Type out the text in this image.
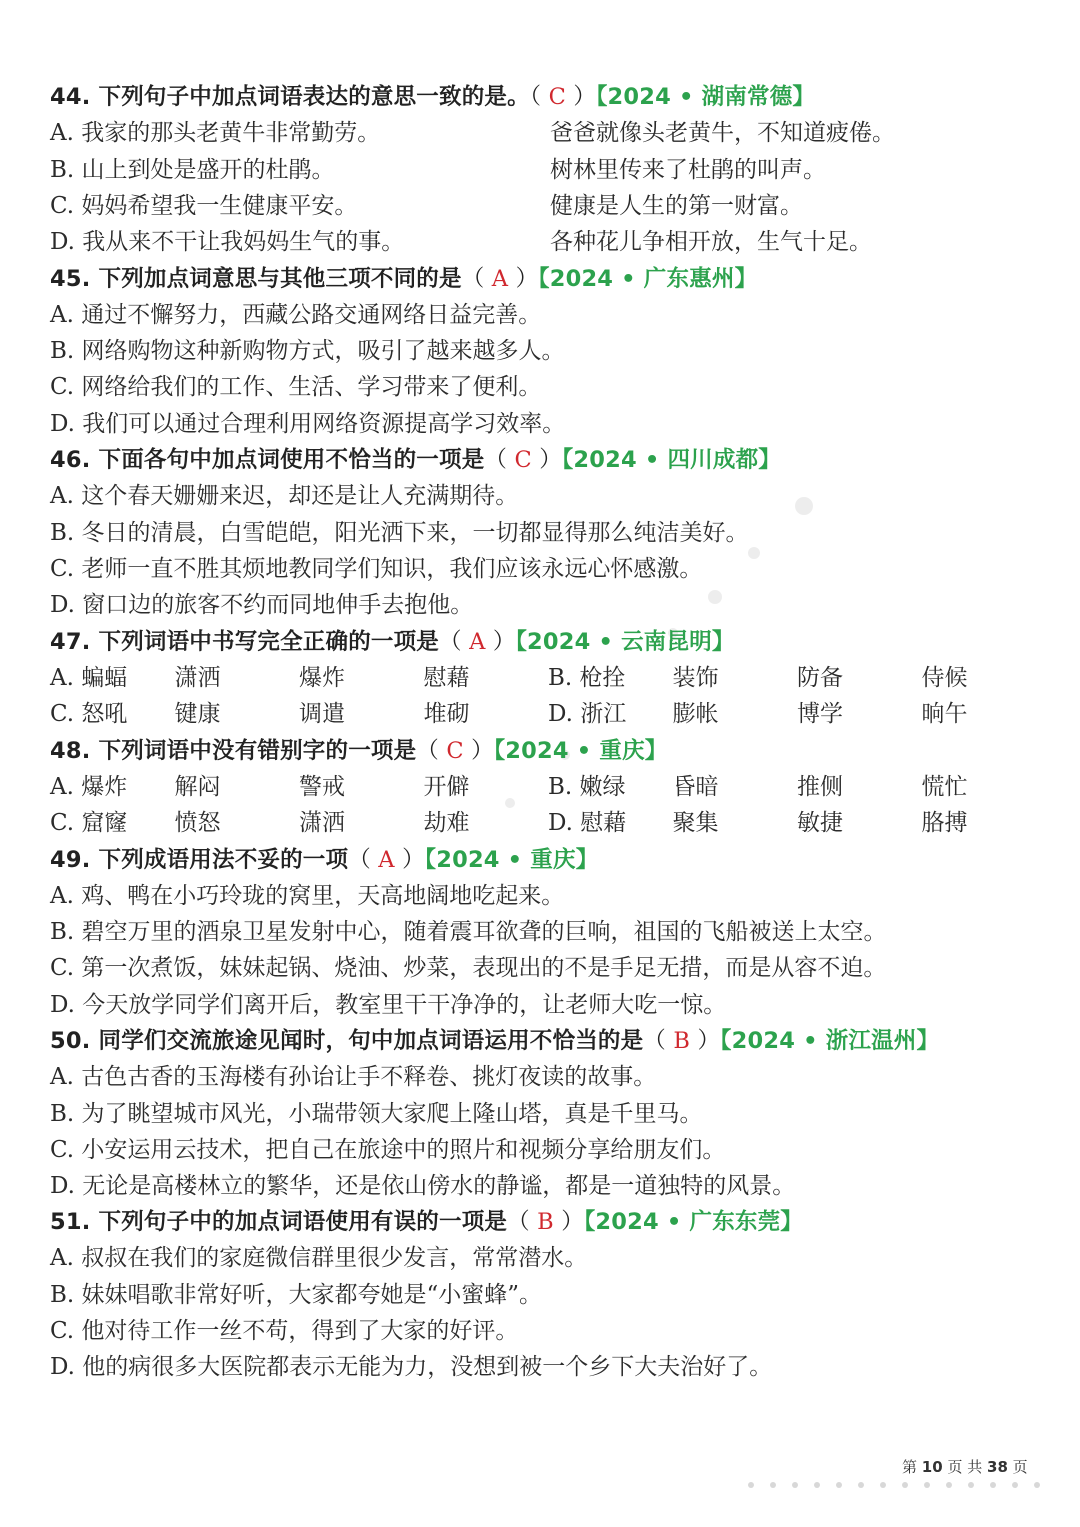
44. 下列句子中加点词语表达的意思一致的是。（ C ）【2024 • 湖南常德】
A. 我家的那头老黄牛非常勤劳。	爸爸就像头老黄牛，不知道疲倦。
B. 山上到处是盛开的杜鹃。	树林里传来了杜鹃的叫声。
C. 妈妈希望我一生健康平安。	健康是人生的第一财富。
D. 我从来不干让我妈妈生气的事。	各种花儿争相开放，生气十足。
45. 下列加点词意思与其他三项不同的是（ A ）【2024 • 广东惠州】
A. 通过不懈努力，西藏公路交通网络日益完善。
B. 网络购物这种新购物方式，吸引了越来越多人。
C. 网络给我们的工作、生活、学习带来了便利。
D. 我们可以通过合理利用网络资源提高学习效率。
46. 下面各句中加点词使用不恰当的一项是（ C ）【2024 • 四川成都】
A. 这个春天姗姗来迟，却还是让人充满期待。
B. 冬日的清晨，白雪皑皑，阳光洒下来，一切都显得那么纯洁美好。
C. 老师一直不胜其烦地教同学们知识，我们应该永远心怀感激。
D. 窗口边的旅客不约而同地伸手去抱他。
47. 下列词语中书写完全正确的一项是（ A ）【2024 • 云南昆明】
A. 蝙蝠	潇洒	爆炸	慰藉	B. 枪拴	装饰	防备	侍候
C. 怒吼	键康	调遣	堆砌	D. 浙江	膨帐	博学	晌午
48. 下列词语中没有错别字的一项是（ C ）【2024 • 重庆】
A. 爆炸	解闷	警戒	开僻	B. 嫩绿	昏暗	推侧	慌忙
C. 窟窿	愤怒	潇洒	劫难	D. 慰藉	聚集	敏捷	胳搏
49. 下列成语用法不妥的一项（ A ）【2024 • 重庆】
A. 鸡、鸭在小巧玲珑的窝里，天高地阔地吃起来。
B. 碧空万里的酒泉卫星发射中心，随着震耳欲聋的巨响，祖国的飞船被送上太空。
C. 第一次煮饭，妹妹起锅、烧油、炒菜，表现出的不是手足无措，而是从容不迫。
D. 今天放学同学们离开后，教室里干干净净的，让老师大吃一惊。
50. 同学们交流旅途见闻时，句中加点词语运用不恰当的是（ B ）【2024 • 浙江温州】
A. 古色古香的玉海楼有孙诒让手不释卷、挑灯夜读的故事。
B. 为了眺望城市风光，小瑞带领大家爬上隆山塔，真是千里马。
C. 小安运用云技术，把自己在旅途中的照片和视频分享给朋友们。
D. 无论是高楼林立的繁华，还是依山傍水的静谧，都是一道独特的风景。
51. 下列句子中的加点词语使用有误的一项是（ B ）【2024 • 广东东莞】
A. 叔叔在我们的家庭微信群里很少发言，常常潜水。
B. 妹妹唱歌非常好听，大家都夸她是“小蜜蜂”。
C. 他对待工作一丝不苟，得到了大家的好评。
D. 他的病很多大医院都表示无能为力，没想到被一个乡下大夫治好了。
第 10 页 共 38 页
